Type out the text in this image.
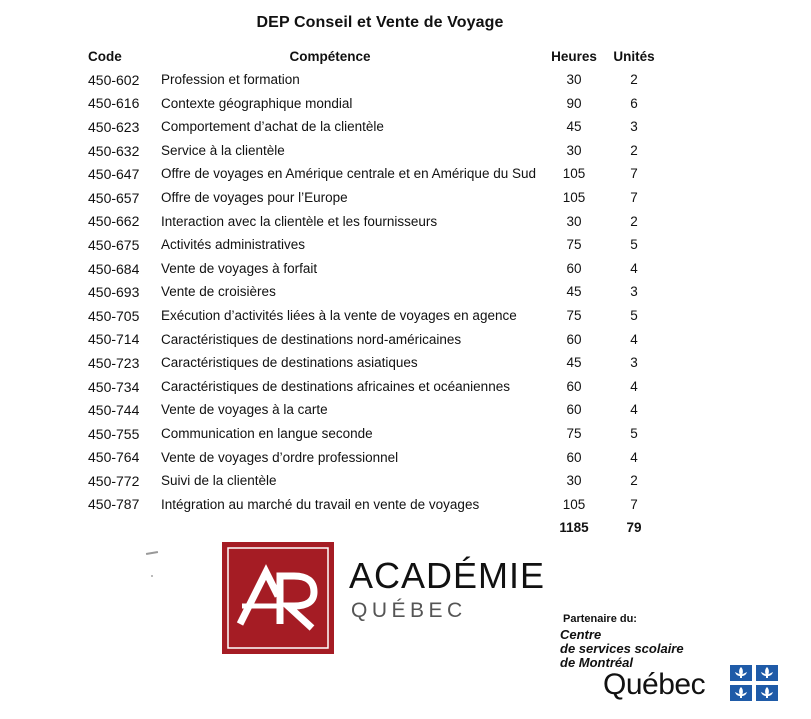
DEP Conseil et Vente de Voyage
Code	Compétence	Heures	Unités
450-602	Profession et formation	30	2
450-616	Contexte géographique mondial	90	6
450-623	Comportement d’achat de la clientèle	45	3
450-632	Service à la clientèle	30	2
450-647	Offre de voyages en Amérique centrale et en Amérique du Sud	105	7
450-657	Offre de voyages pour l’Europe	105	7
450-662	Interaction avec la clientèle et les fournisseurs	30	2
450-675	Activités administratives	75	5
450-684	Vente de voyages à forfait	60	4
450-693	Vente de croisières	45	3
450-705	Exécution d’activités liées à la vente de voyages en agence	75	5
450-714	Caractéristiques de destinations nord-américaines	60	4
450-723	Caractéristiques de destinations asiatiques	45	3
450-734	Caractéristiques de destinations africaines et océaniennes	60	4
450-744	Vente de voyages à la carte	60	4
450-755	Communication en langue seconde	75	5
450-764	Vente de voyages d’ordre professionnel	60	4
450-772	Suivi de la clientèle	30	2
450-787	Intégration au marché du travail en vente de voyages	105	7
		1185	79
ACADÉMIE
QUÉBEC	Partenaire du:
Centre
de services scolaire
de Montréal
Québec
